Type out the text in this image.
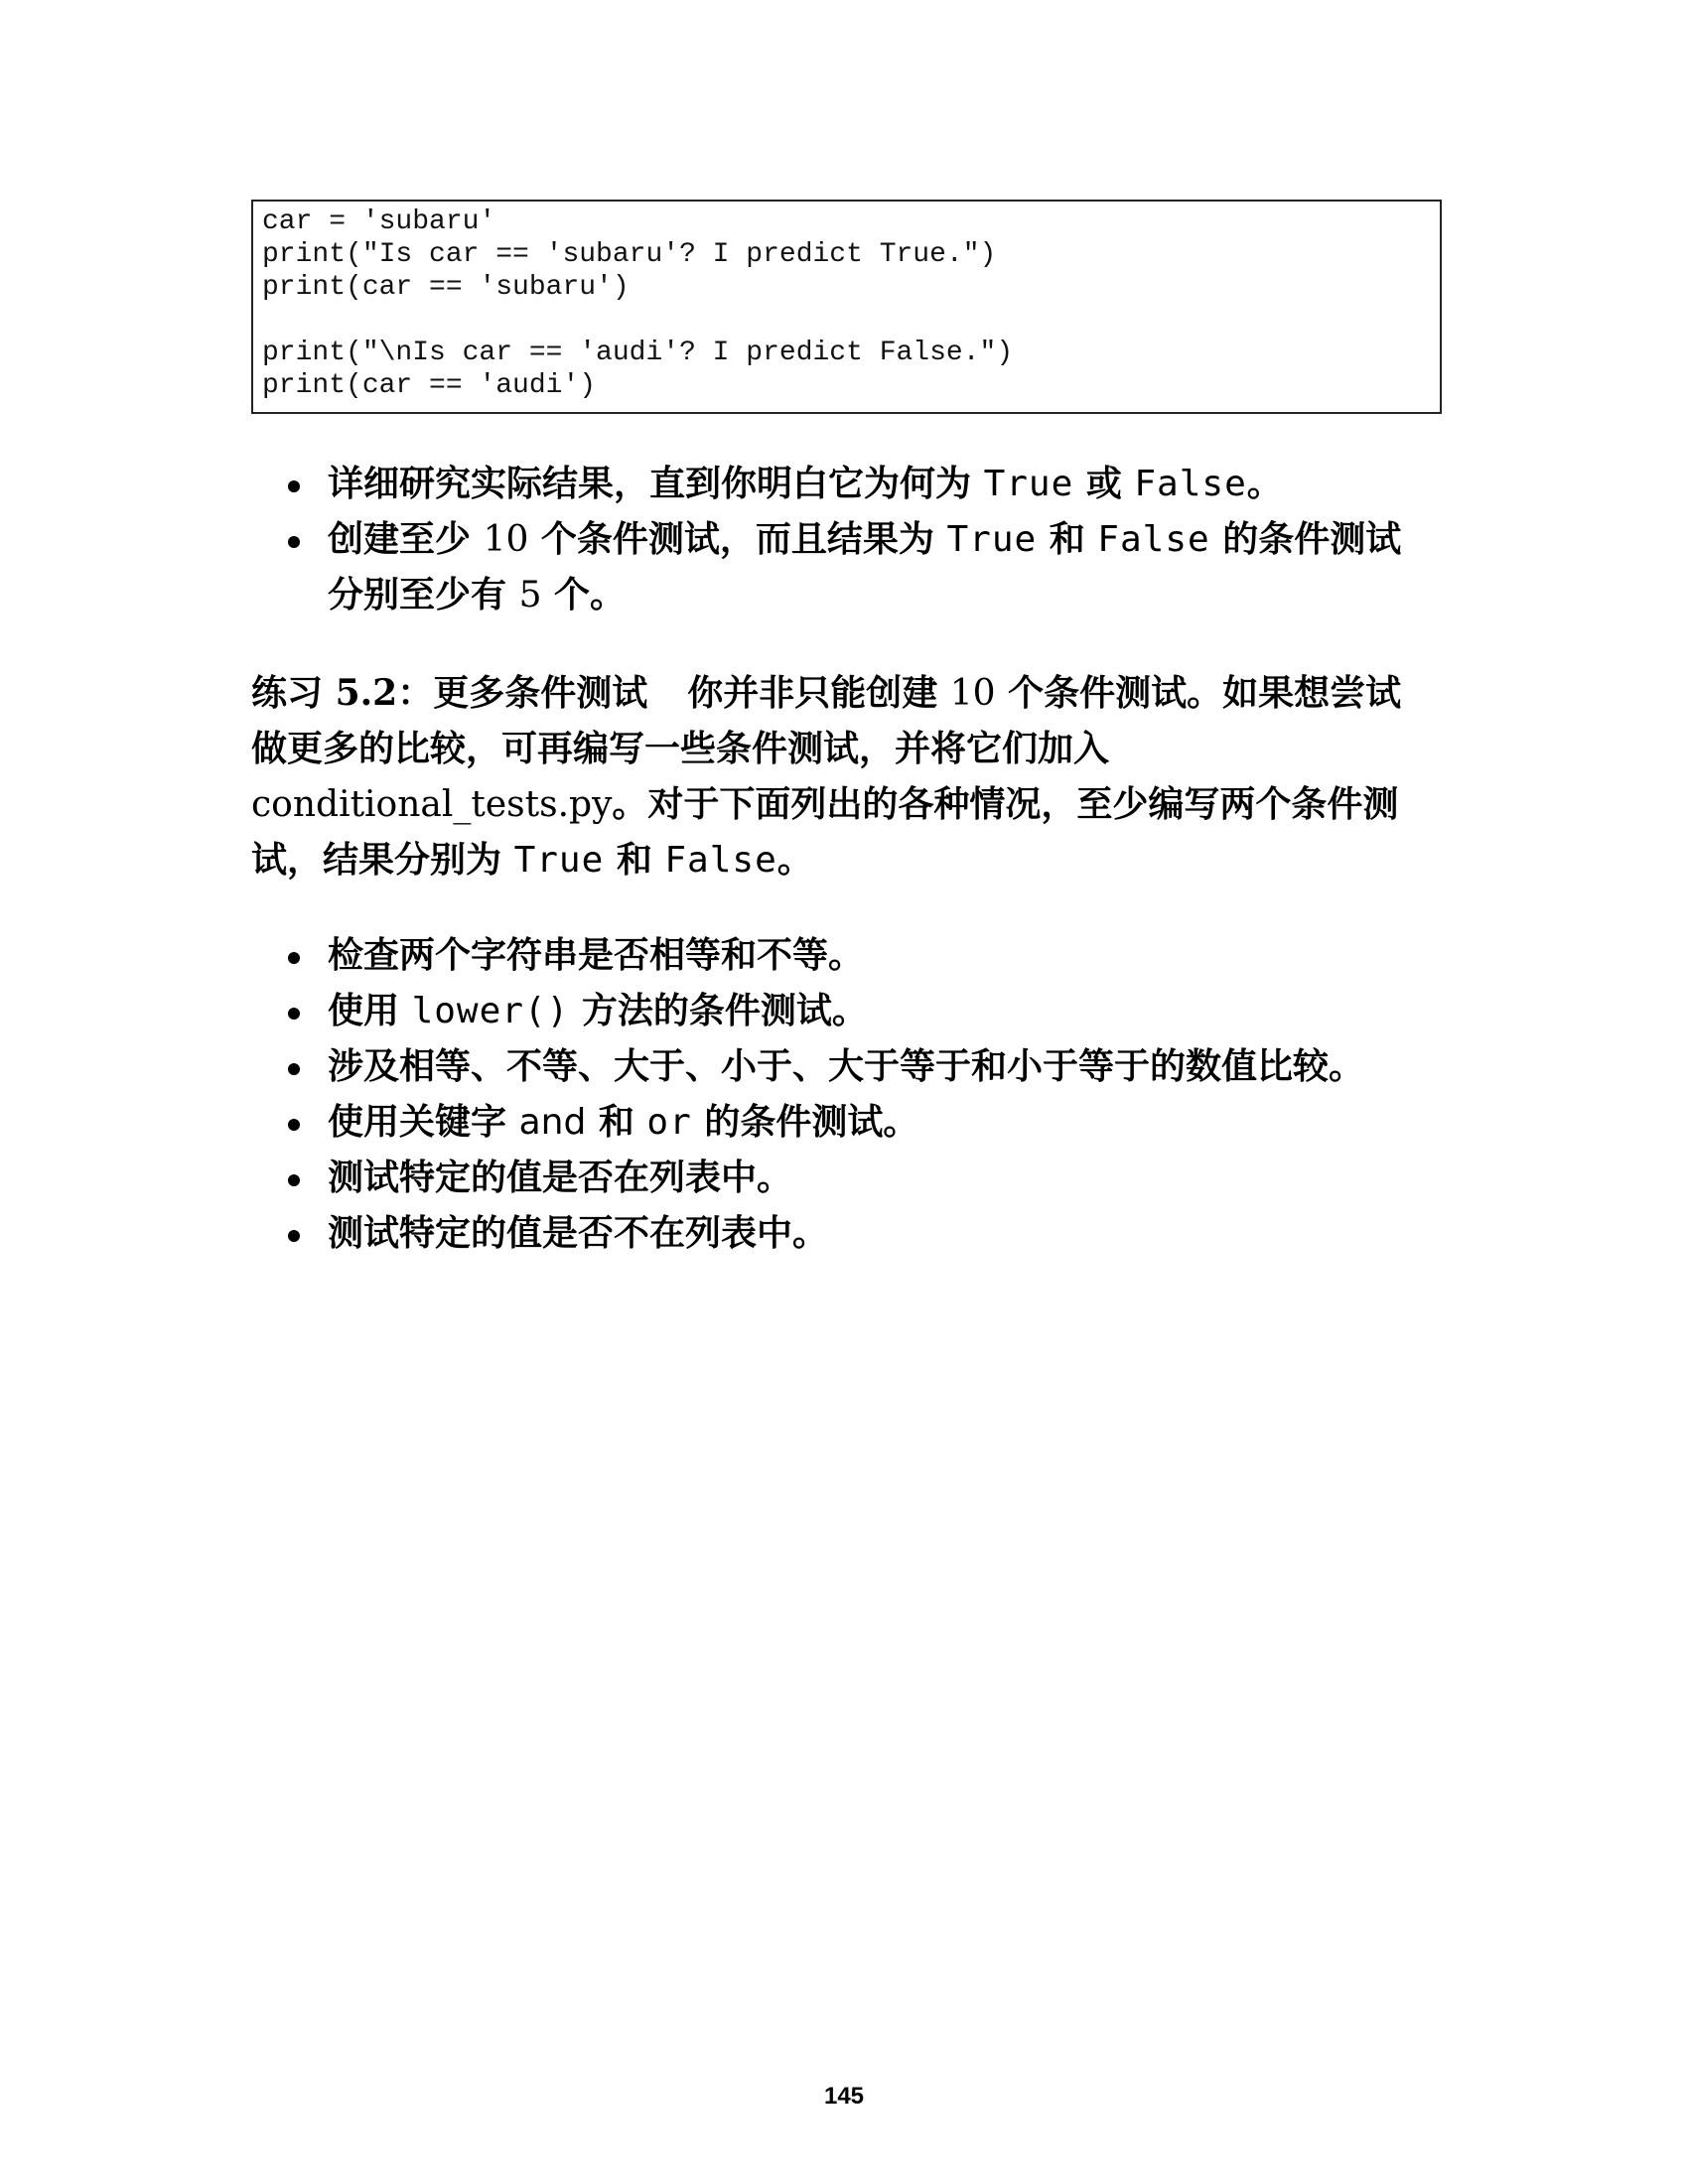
car = 'subaru'
print("Is car == 'subaru'? I predict True.")
print(car == 'subaru')
print("\nIs car == 'audi'? I predict False.")
print(car == 'audi')
详细研究实际结果，直到你明白它为何为 True 或 False。
创建至少 10 个条件测试，而且结果为 True 和 False 的条件测试分别至少有 5 个。
练习 5.2：更多条件测试 你并非只能创建 10 个条件测试。如果想尝试做更多的比较，可再编写一些条件测试，并将它们加入 conditional_tests.py。对于下面列出的各种情况，至少编写两个条件测试，结果分别为 True 和 False。
检查两个字符串是否相等和不等。
使用 lower() 方法的条件测试。
涉及相等、不等、大于、小于、大于等于和小于等于的数值比较。
使用关键字 and 和 or 的条件测试。
测试特定的值是否在列表中。
测试特定的值是否不在列表中。
145
